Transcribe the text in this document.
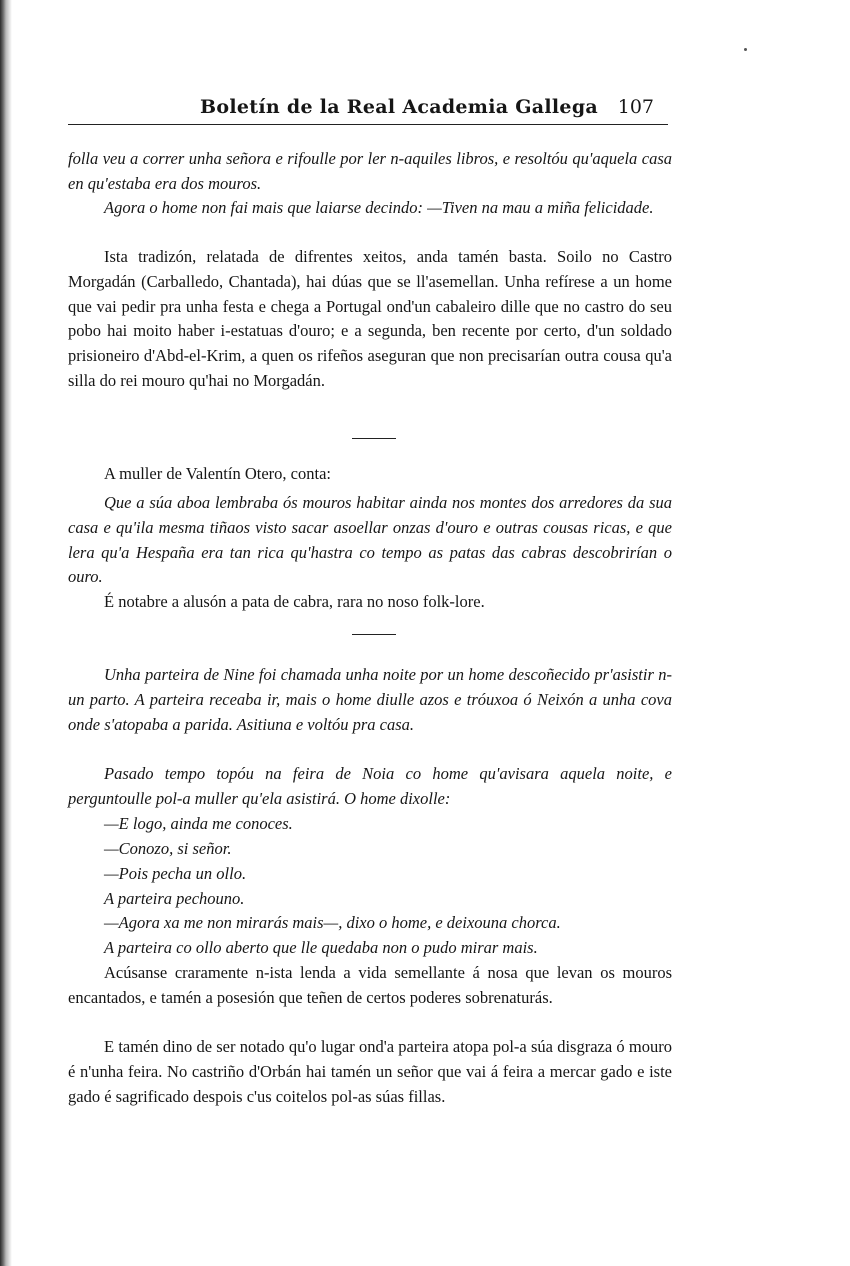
Boletín de la Real Academia Gallega 107

folla veu a correr unha señora e rifoulle por ler n-aquiles libros, e resoltóu qu'aquela casa en qu'estaba era dos mouros.

Agora o home non fai mais que laiarse decindo: —Tiven na mau a miña felicidade.

Ista tradizón, relatada de difrentes xeitos, anda tamén basta. Soilo no Castro Morgadán (Carballedo, Chantada), hai dúas que se ll'asemellan. Unha refírese a un home que vai pedir pra unha festa e chega a Portugal ond'un cabaleiro dille que no castro do seu pobo hai moito haber i-estatuas d'ouro; e a segunda, ben recente por certo, d'un soldado prisioneiro d'Abd-el-Krim, a quen os rifeños aseguran que non precisarían outra cousa qu'a silla do rei mouro qu'hai no Morgadán.

A muller de Valentín Otero, conta:

Que a súa aboa lembraba ós mouros habitar ainda nos montes dos arredores da sua casa e qu'ila mesma tiñaos visto sacar asoellar onzas d'ouro e outras cousas ricas, e que lera qu'a Hespaña era tan rica qu'hastra co tempo as patas das cabras descobrirían o ouro.

É notabre a alusón a pata de cabra, rara no noso folk-lore.

Unha parteira de Nine foi chamada unha noite por un home descoñecido pr'asistir n-un parto. A parteira receaba ir, mais o home diulle azos e tróuxoa ó Neixón a unha cova onde s'atopaba a parida. Asitiuna e voltóu pra casa.

Pasado tempo topóu na feira de Noia co home qu'avisara aquela noite, e perguntoulle pol-a muller qu'ela asistirá. O home dixolle:

—E logo, ainda me conoces.

—Conozo, si señor.

—Pois pecha un ollo.

A parteira pechouno.

—Agora xa me non mirarás mais—, dixo o home, e deixouna chorca.

A parteira co ollo aberto que lle quedaba non o pudo mirar mais.

Acúsanse craramente n-ista lenda a vida semellante á nosa que levan os mouros encantados, e tamén a posesión que teñen de certos poderes sobrenaturás.

E tamén dino de ser notado qu'o lugar ond'a parteira atopa pol-a súa disgraza ó mouro é n'unha feira. No castriño d'Orbán hai tamén un señor que vai á feira a mercar gado e iste gado é sagrificado despois c'us coitelos pol-as súas fillas.
